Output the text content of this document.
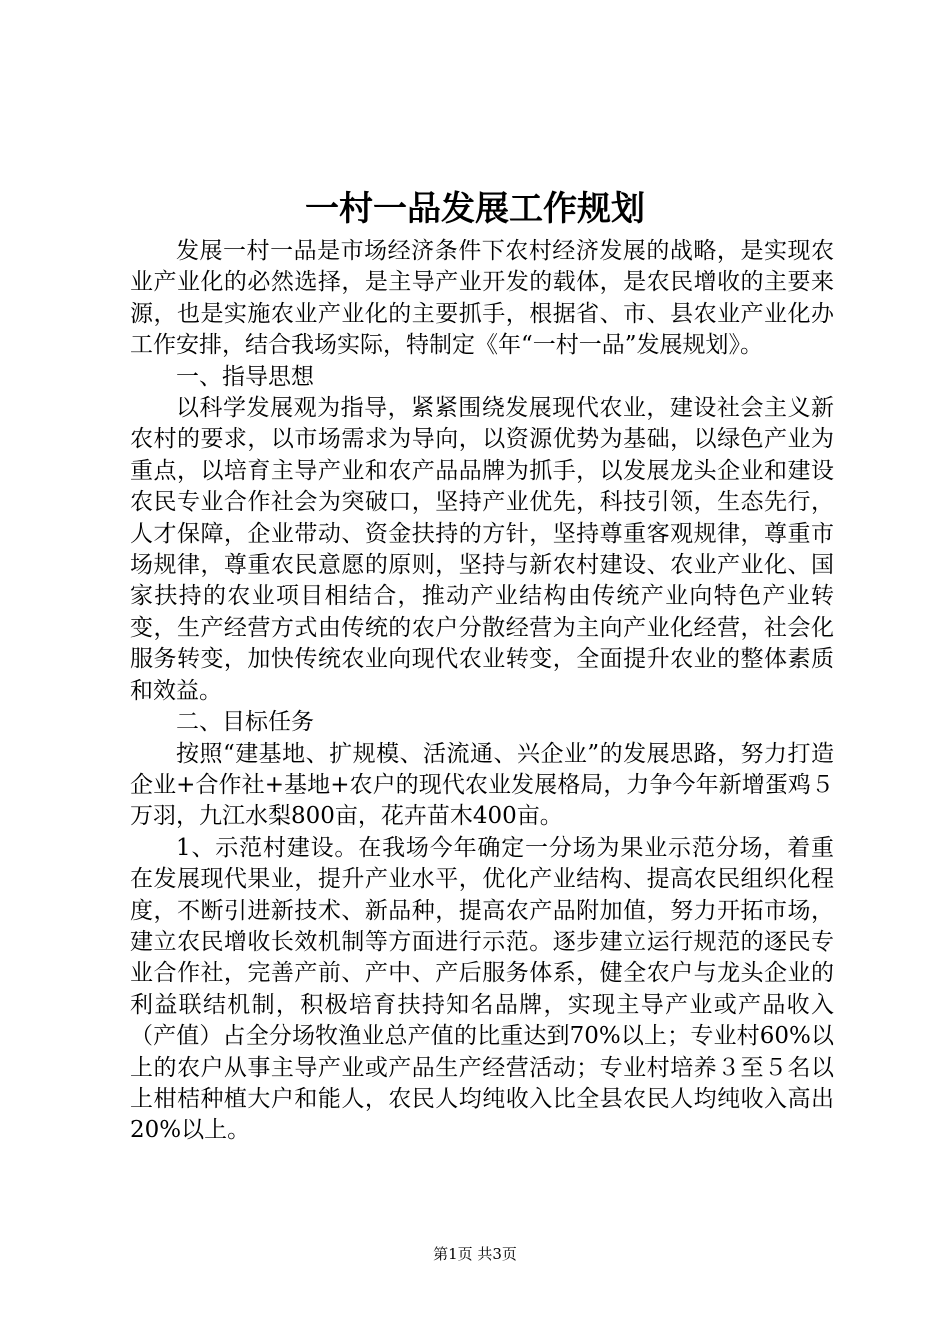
一村一品发展工作规划

发展一村一品是市场经济条件下农村经济发展的战略，是实现农业产业化的必然选择，是主导产业开发的载体，是农民增收的主要来源，也是实施农业产业化的主要抓手，根据省、市、县农业产业化办工作安排，结合我场实际，特制定《年“一村一品”发展规划》。

一、指导思想

以科学发展观为指导，紧紧围绕发展现代农业，建设社会主义新农村的要求，以市场需求为导向，以资源优势为基础，以绿色产业为重点，以培育主导产业和农产品品牌为抓手，以发展龙头企业和建设农民专业合作社会为突破口，坚持产业优先，科技引领，生态先行，人才保障，企业带动、资金扶持的方针，坚持尊重客观规律，尊重市场规律，尊重农民意愿的原则，坚持与新农村建设、农业产业化、国家扶持的农业项目相结合，推动产业结构由传统产业向特色产业转变，生产经营方式由传统的农户分散经营为主向产业化经营，社会化服务转变，加快传统农业向现代农业转变，全面提升农业的整体素质和效益。

二、目标任务

按照“建基地、扩规模、活流通、兴企业”的发展思路，努力打造企业+合作社+基地+农户的现代农业发展格局，力争今年新增蛋鸡５万羽，九江水梨800亩，花卉苗木400亩。

1、示范村建设。在我场今年确定一分场为果业示范分场，着重在发展现代果业，提升产业水平，优化产业结构、提高农民组织化程度，不断引进新技术、新品种，提高农产品附加值，努力开拓市场，建立农民增收长效机制等方面进行示范。逐步建立运行规范的逐民专业合作社，完善产前、产中、产后服务体系，健全农户与龙头企业的利益联结机制，积极培育扶持知名品牌，实现主导产业或产品收入（产值）占全分场牧渔业总产值的比重达到70%以上；专业村60%以上的农户从事主导产业或产品生产经营活动；专业村培养３至５名以上柑桔种植大户和能人，农民人均纯收入比全县农民人均纯收入高出20%以上。

第1页 共3页
